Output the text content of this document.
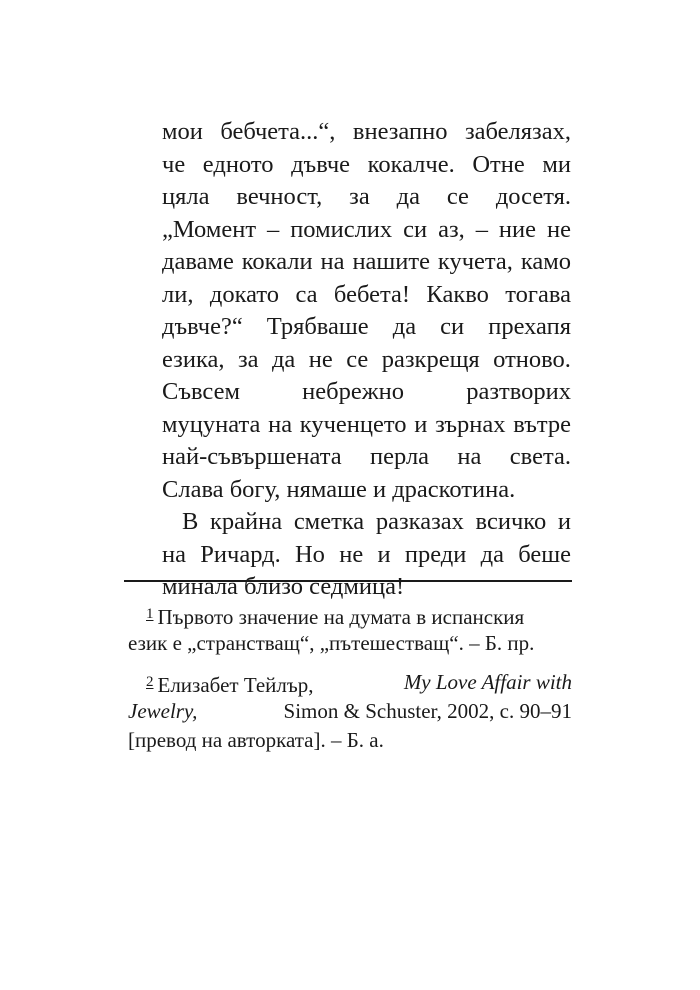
мои бебчета...“, внезапно забелязах,
че едното дъвче кокалче. Отне ми
цяла вечност, за да се досетя.
„Момент – помислих си аз, – ние не
даваме кокали на нашите кучета, камо
ли, докато са бебета! Какво тогава
дъвче?“ Трябваше да си прехапя
езика, за да не се разкрещя отново.
Съвсем	небрежно	разтворих
муцуната на кученцето и зърнах вътре
най-съвършената перла на света.
Слава богу, нямаше и драскотина.
В крайна сметка разказах всичко и
на Ричард. Но не и преди да беше
минала близо седмица!
1 Първото значение на думата в испанския
език е „странстващ“, „пътешестващ“. – Б. пр.
2 Елизабет Тейлър,	My Love Affair with
Jewelry,	Simon & Schuster, 2002, с. 90–91
[превод на авторката]. – Б. а.
